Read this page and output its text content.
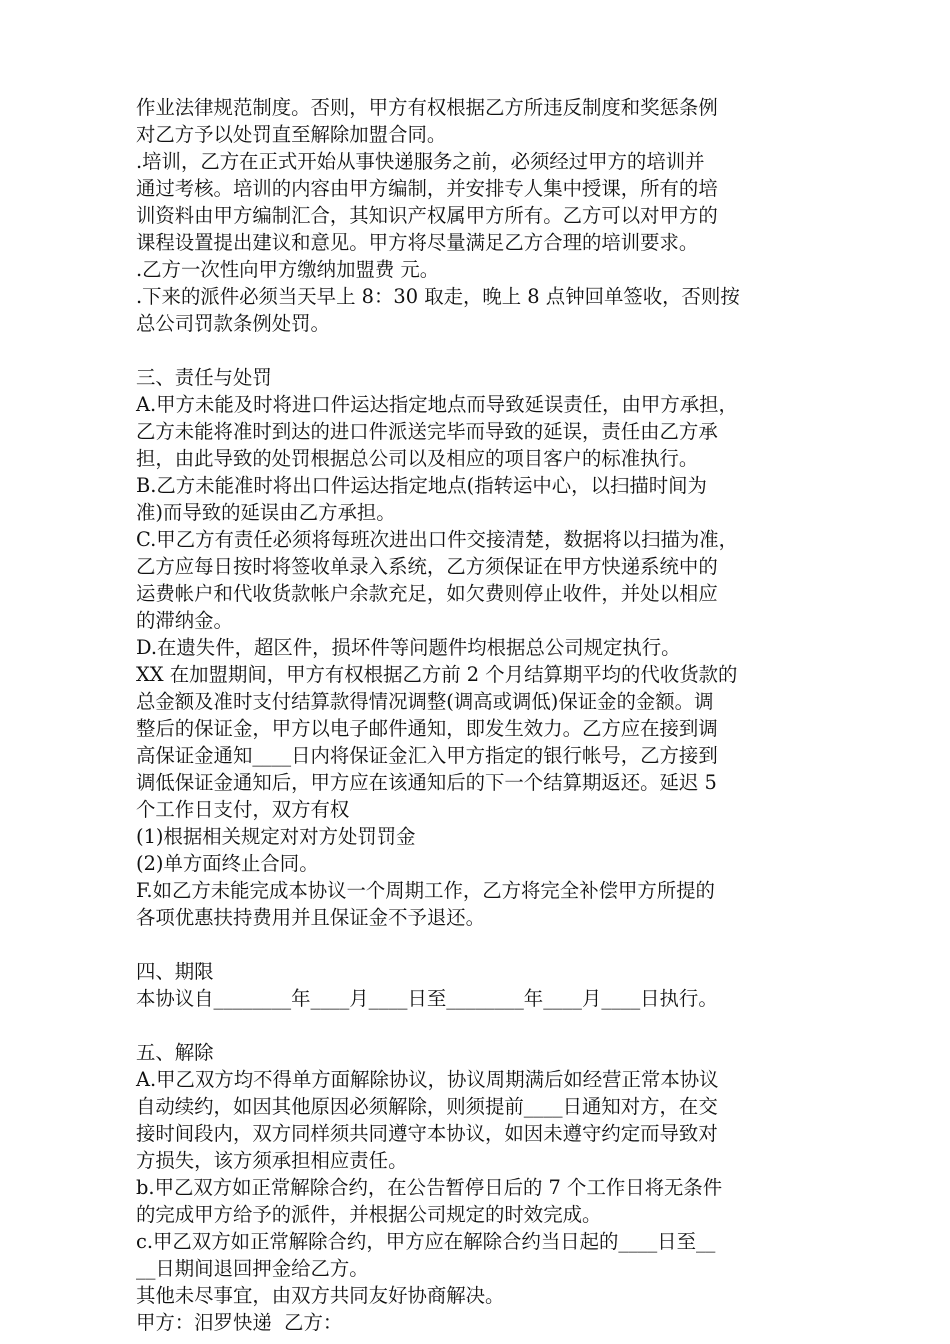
作业法律规范制度。否则，甲方有权根据乙方所违反制度和奖惩条例
对乙方予以处罚直至解除加盟合同。
.培训，乙方在正式开始从事快递服务之前，必须经过甲方的培训并
通过考核。培训的内容由甲方编制，并安排专人集中授课，所有的培
训资料由甲方编制汇合，其知识产权属甲方所有。乙方可以对甲方的
课程设置提出建议和意见。甲方将尽量满足乙方合理的培训要求。
.乙方一次性向甲方缴纳加盟费 元。
.下来的派件必须当天早上 8：30 取走，晚上 8 点钟回单签收，否则按
总公司罚款条例处罚。
三、责任与处罚
A.甲方未能及时将进口件运达指定地点而导致延误责任，由甲方承担，
乙方未能将准时到达的进口件派送完毕而导致的延误，责任由乙方承
担，由此导致的处罚根据总公司以及相应的项目客户的标准执行。
B.乙方未能准时将出口件运达指定地点(指转运中心，以扫描时间为
准)而导致的延误由乙方承担。
C.甲乙方有责任必须将每班次进出口件交接清楚，数据将以扫描为准，
乙方应每日按时将签收单录入系统，乙方须保证在甲方快递系统中的
运费帐户和代收货款帐户余款充足，如欠费则停止收件，并处以相应
的滞纳金。
D.在遗失件，超区件，损坏件等问题件均根据总公司规定执行。
XX 在加盟期间，甲方有权根据乙方前 2 个月结算期平均的代收货款的
总金额及准时支付结算款得情况调整(调高或调低)保证金的金额。调
整后的保证金，甲方以电子邮件通知，即发生效力。乙方应在接到调
高保证金通知____日内将保证金汇入甲方指定的银行帐号，乙方接到
调低保证金通知后，甲方应在该通知后的下一个结算期返还。延迟 5
个工作日支付，双方有权
(1)根据相关规定对对方处罚罚金
(2)单方面终止合同。
F.如乙方未能完成本协议一个周期工作，乙方将完全补偿甲方所提的
各项优惠扶持费用并且保证金不予退还。
四、期限
本协议自________年____月____日至________年____月____日执行。
五、解除
A.甲乙双方均不得单方面解除协议，协议周期满后如经营正常本协议
自动续约，如因其他原因必须解除，则须提前____日通知对方，在交
接时间段内，双方同样须共同遵守本协议，如因未遵守约定而导致对
方损失，该方须承担相应责任。
b.甲乙双方如正常解除合约，在公告暂停日后的 7 个工作日将无条件
的完成甲方给予的派件，并根据公司规定的时效完成。
c.甲乙双方如正常解除合约，甲方应在解除合约当日起的____日至__
__日期间退回押金给乙方。
其他未尽事宜，由双方共同友好协商解决。
甲方：汨罗快递  乙方：
